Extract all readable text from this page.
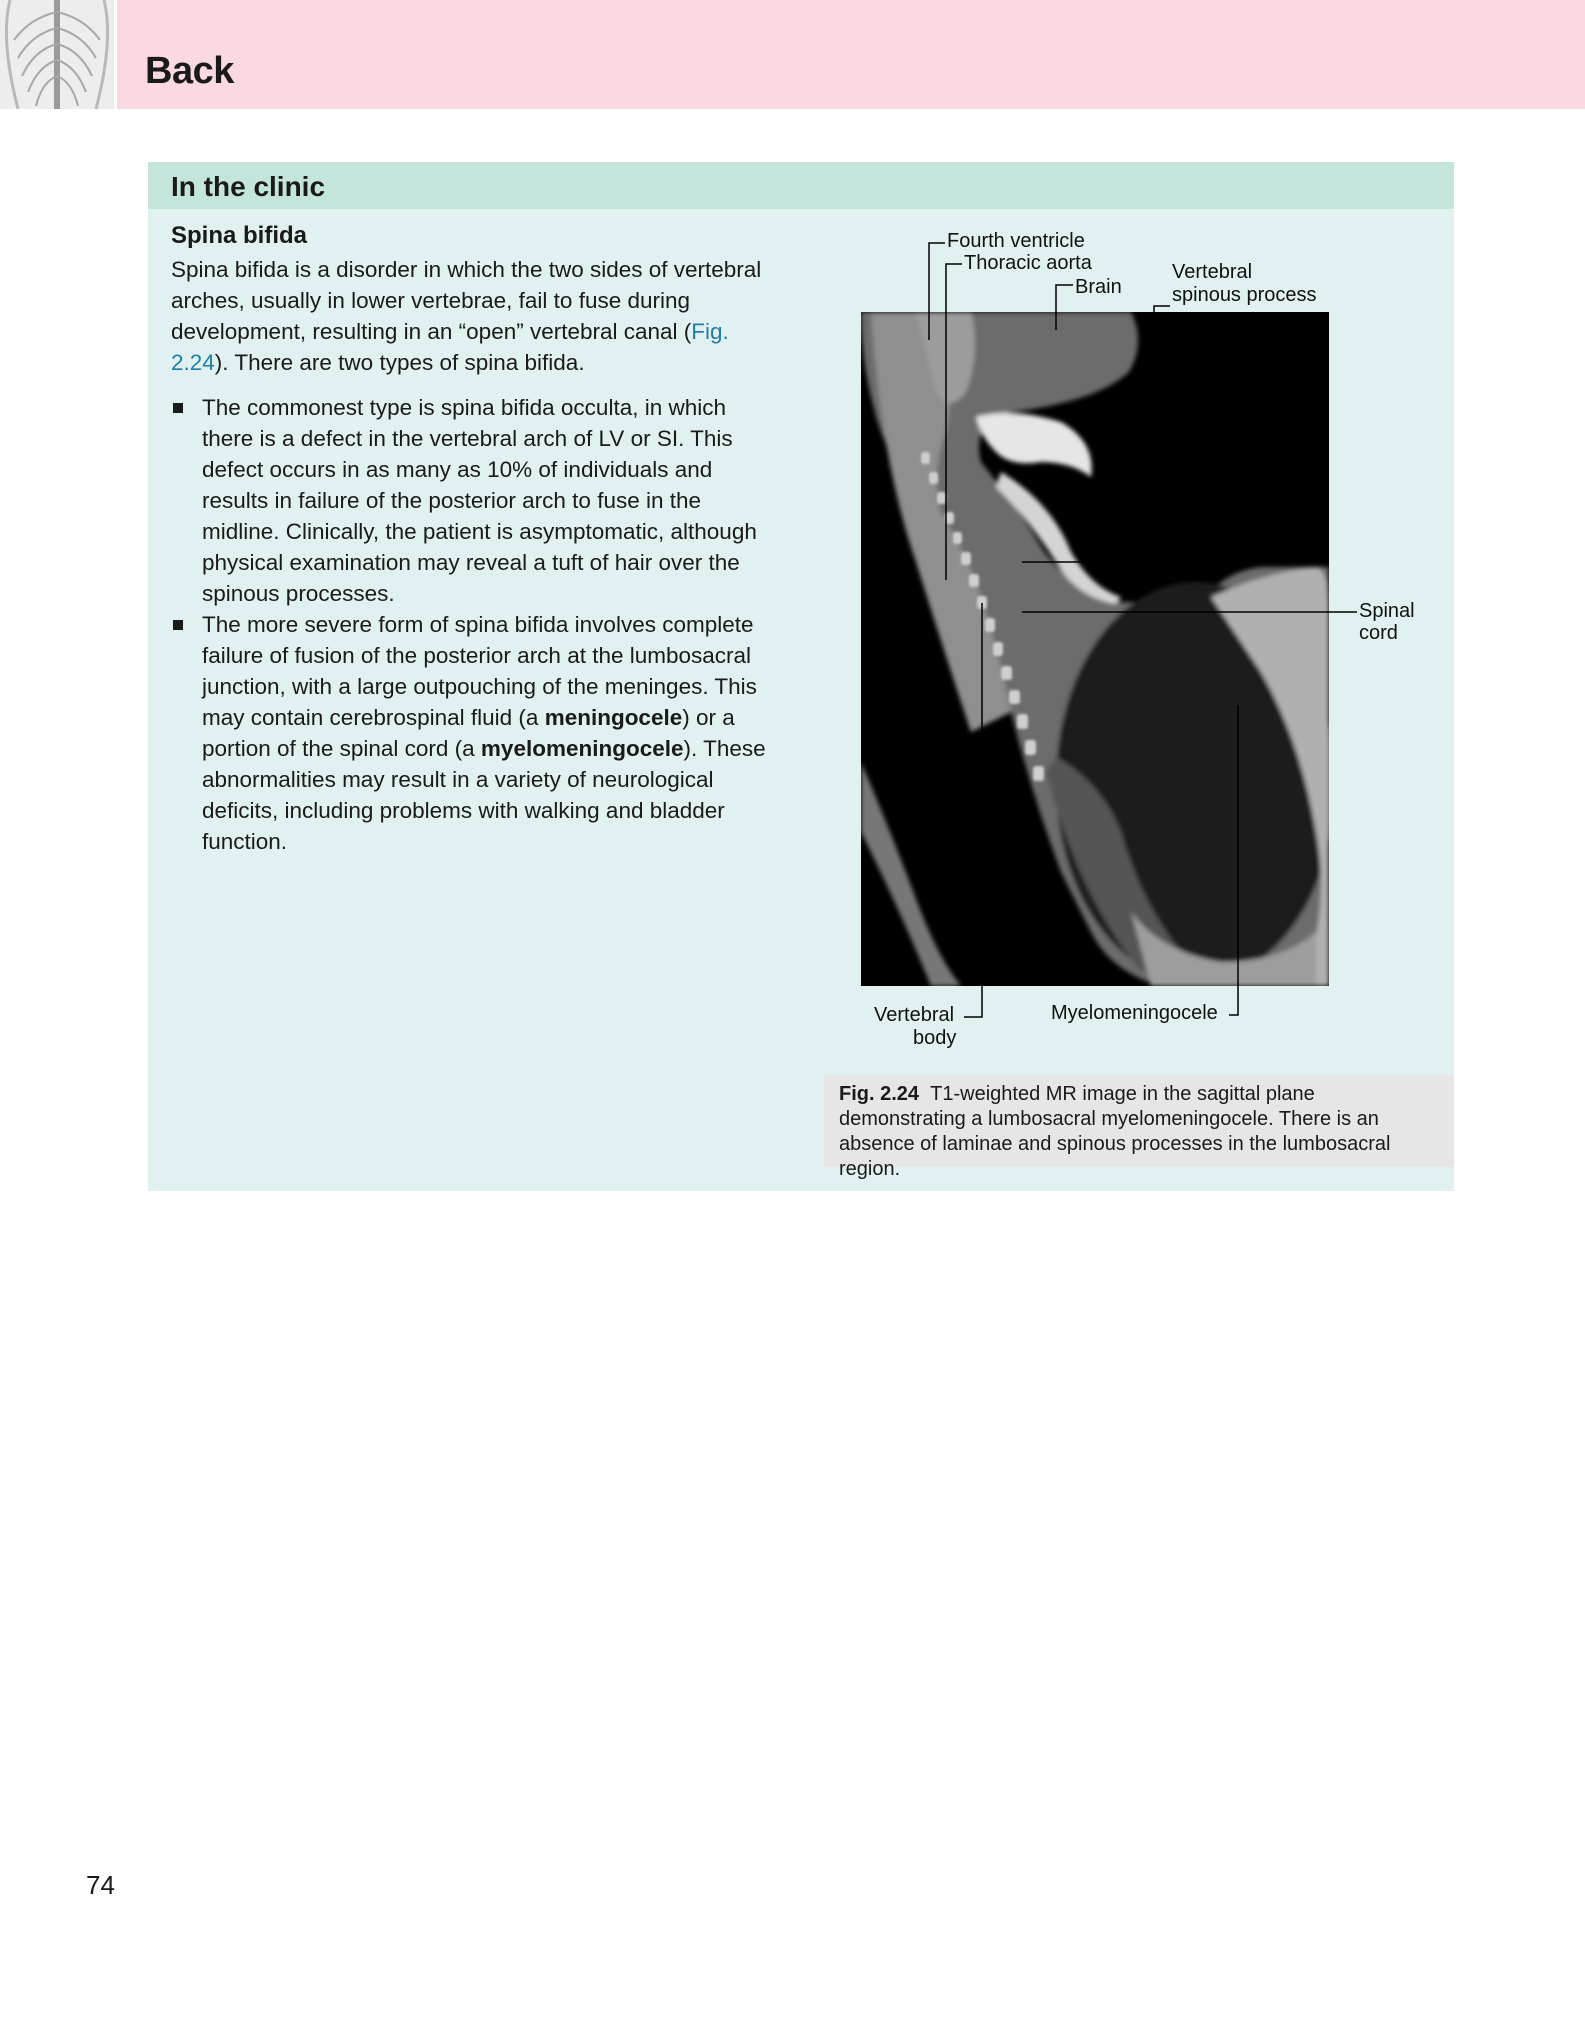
Back
In the clinic
Spina bifida
Spina bifida is a disorder in which the two sides of vertebral arches, usually in lower vertebrae, fail to fuse during development, resulting in an “open” vertebral canal (Fig. 2.24). There are two types of spina bifida.
The commonest type is spina bifida occulta, in which there is a defect in the vertebral arch of LV or SI. This defect occurs in as many as 10% of individuals and results in failure of the posterior arch to fuse in the midline. Clinically, the patient is asymptomatic, although physical examination may reveal a tuft of hair over the spinous processes.
The more severe form of spina bifida involves complete failure of fusion of the posterior arch at the lumbosacral junction, with a large outpouching of the meninges. This may contain cerebrospinal fluid (a meningocele) or a portion of the spinal cord (a myelomeningocele). These abnormalities may result in a variety of neurological deficits, including problems with walking and bladder function.
Fourth ventricle
Thoracic aorta
Brain
Vertebral
spinous process
Spinal
cord
Vertebral
body
Myelomeningocele
Fig. 2.24 T1-weighted MR image in the sagittal plane demonstrating a lumbosacral myelomeningocele. There is an absence of laminae and spinous processes in the lumbosacral region.
74
